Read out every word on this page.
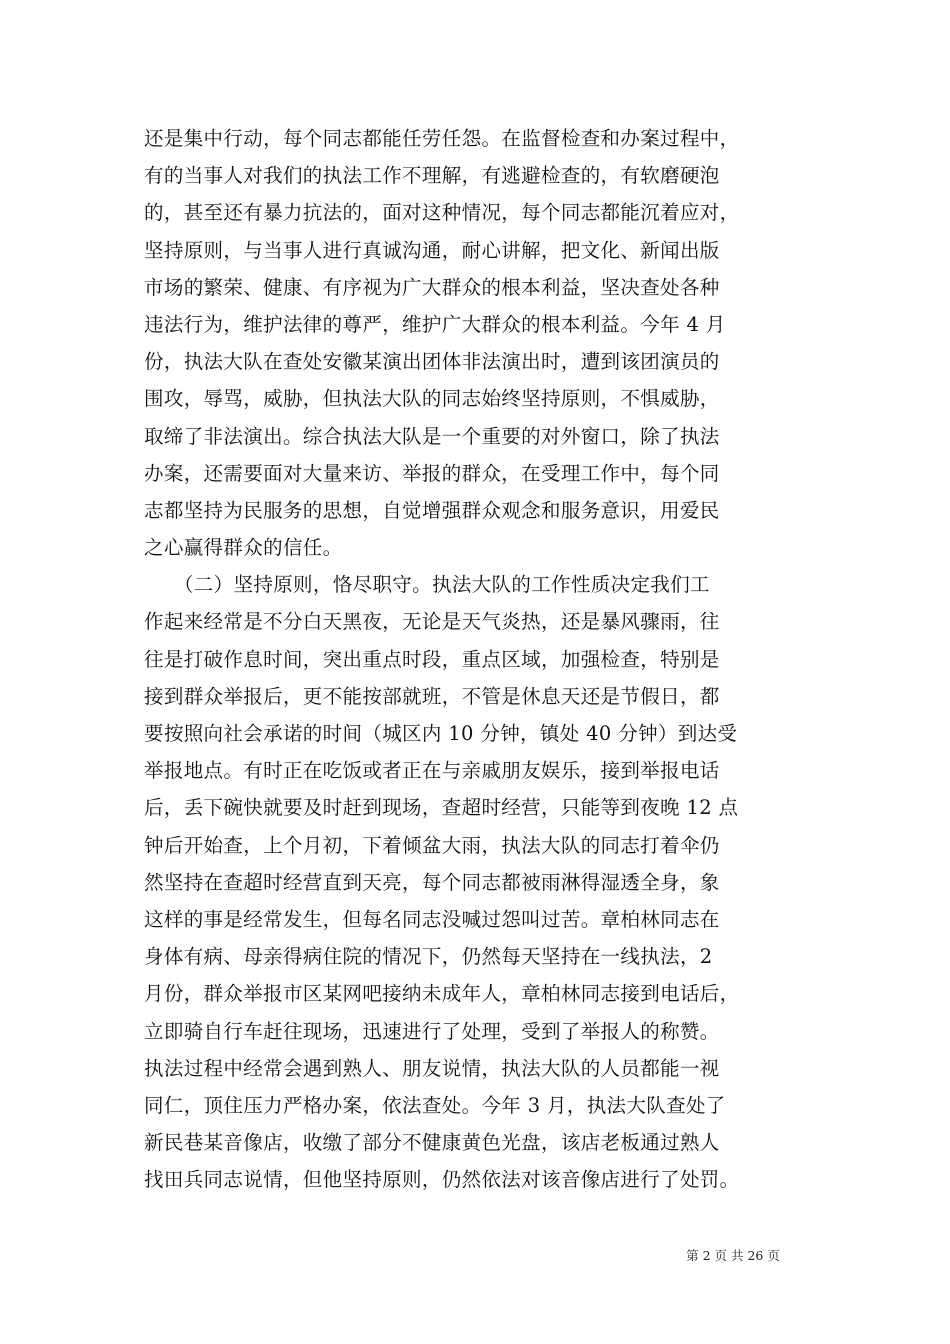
还是集中行动，每个同志都能任劳任怨。在监督检查和办案过程中，
有的当事人对我们的执法工作不理解，有逃避检查的，有软磨硬泡
的，甚至还有暴力抗法的，面对这种情况，每个同志都能沉着应对，
坚持原则，与当事人进行真诚沟通，耐心讲解，把文化、新闻出版
市场的繁荣、健康、有序视为广大群众的根本利益，坚决查处各种
违法行为，维护法律的尊严，维护广大群众的根本利益。今年 4 月
份，执法大队在查处安徽某演出团体非法演出时，遭到该团演员的
围攻，辱骂，威胁，但执法大队的同志始终坚持原则，不惧威胁，
取缔了非法演出。综合执法大队是一个重要的对外窗口，除了执法
办案，还需要面对大量来访、举报的群众，在受理工作中，每个同
志都坚持为民服务的思想，自觉增强群众观念和服务意识，用爱民
之心赢得群众的信任。
　　（二）坚持原则，恪尽职守。执法大队的工作性质决定我们工
作起来经常是不分白天黑夜，无论是天气炎热，还是暴风骤雨，往
往是打破作息时间，突出重点时段，重点区域，加强检查，特别是
接到群众举报后，更不能按部就班，不管是休息天还是节假日，都
要按照向社会承诺的时间（城区内 10 分钟，镇处 40 分钟）到达受
举报地点。有时正在吃饭或者正在与亲戚朋友娱乐，接到举报电话
后，丢下碗快就要及时赶到现场，查超时经营，只能等到夜晚 12 点
钟后开始查，上个月初，下着倾盆大雨，执法大队的同志打着伞仍
然坚持在查超时经营直到天亮，每个同志都被雨淋得湿透全身，象
这样的事是经常发生，但每名同志没喊过怨叫过苦。章柏林同志在
身体有病、母亲得病住院的情况下，仍然每天坚持在一线执法，2
月份，群众举报市区某网吧接纳未成年人，章柏林同志接到电话后，
立即骑自行车赶往现场，迅速进行了处理，受到了举报人的称赞。
执法过程中经常会遇到熟人、朋友说情，执法大队的人员都能一视
同仁，顶住压力严格办案，依法查处。今年 3 月，执法大队查处了
新民巷某音像店，收缴了部分不健康黄色光盘，该店老板通过熟人
找田兵同志说情，但他坚持原则，仍然依法对该音像店进行了处罚。
第 2 页 共 26 页
